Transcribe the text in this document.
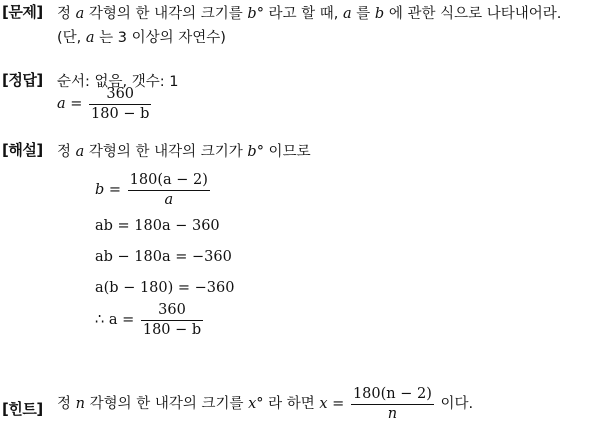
[문제] 정 a 각형의 한 내각의 크기를 b° 라고 할 때, a 를 b 에 관한 식으로 나타내어라.
(단, a 는 3 이상의 자연수)
[정답] 순서: 없음, 갯수: 1
$a = \frac{360}{180 - b}$
[해설] 정 a 각형의 한 내각의 크기가 b° 이므로
$b = \frac{180(a - 2)}{a}$
ab = 180a − 360
ab − 180a = −360
a(b − 180) = −360
∴ $a = \frac{360}{180 - b}$
[힌트] 정 n 각형의 한 내각의 크기를 x° 라 하면 $x = \frac{180(n - 2)}{n}$ 이다.
